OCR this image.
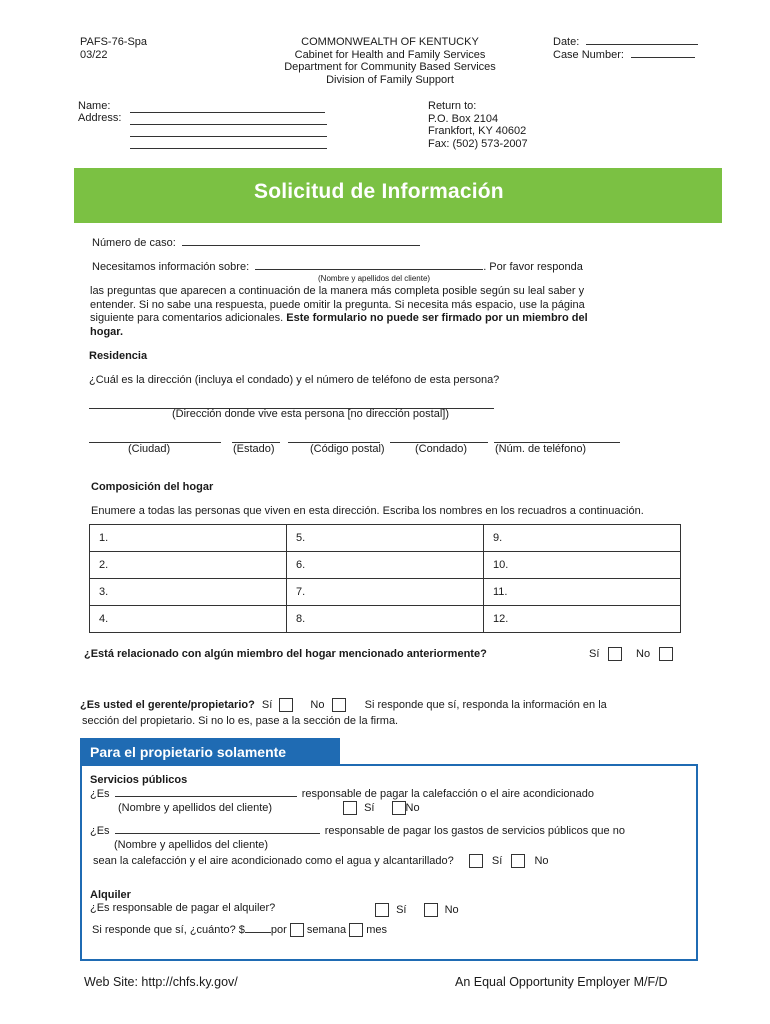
PAFS-76-Spa
03/22
COMMONWEALTH OF KENTUCKY
Cabinet for Health and Family Services
Department for Community Based Services
Division of Family Support
Date:
Case Number:
Name:
Address:
Return to:
P.O. Box 2104
Frankfort, KY 40602
Fax: (502) 573-2007
Solicitud de Información
Número de caso:
Necesitamos información sobre:	. Por favor responda
(Nombre y apellidos del cliente)
las preguntas que aparecen a continuación de la manera más completa posible según su leal saber y
entender. Si no sabe una respuesta, puede omitir la pregunta. Si necesita más espacio, use la página
siguiente para comentarios adicionales. Este formulario no puede ser firmado por un miembro del
hogar.
Residencia
¿Cuál es la dirección (incluya el condado) y el número de teléfono de esta persona?
(Dirección donde vive esta persona [no dirección postal])
(Ciudad)	(Estado)	(Código postal)	(Condado)	(Núm. de teléfono)
Composición del hogar
Enumere a todas las personas que viven en esta dirección. Escriba los nombres en los recuadros a continuación.
1.	5.	9.
2.	6.	10.
3.	7.	11.
4.	8.	12.
¿Está relacionado con algún miembro del hogar mencionado anteriormente?	Sí	No
¿Es usted el gerente/propietario? Sí	No	Si responde que sí, responda la información en la
sección del propietario. Si no lo es, pase a la sección de la firma.
Para el propietario solamente
Servicios públicos
¿Es	responsable de pagar la calefacción o el aire acondicionado
(Nombre y apellidos del cliente)	Sí	No
¿Es	responsable de pagar los gastos de servicios públicos que no
(Nombre y apellidos del cliente)
sean la calefacción y el aire acondicionado como el agua y alcantarillado?	Sí	No
Alquiler
¿Es responsable de pagar el alquiler?	Sí	No
Si responde que sí, ¿cuánto? $ por semana mes
Web Site: http://chfs.ky.gov/	An Equal Opportunity Employer M/F/D
